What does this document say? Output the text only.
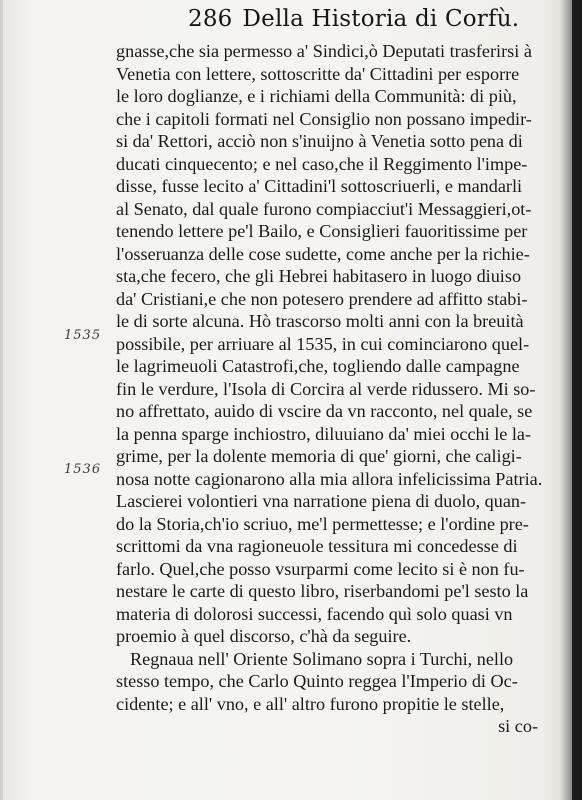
286 Della Historia di Corfù.
1535
1536
gnasse,che sia permesso a' Sindici,ò Deputati trasferirsi à
Venetia con lettere, sottoscritte da' Cittadini per esporre
le loro doglianze, e i richiami della Communità: di più,
che i capitoli formati nel Consiglio non possano impedir-
si da' Rettori, acciò non s'inuijno à Venetia sotto pena di
ducati cinquecento; e nel caso,che il Reggimento l'impe-
disse, fusse lecito a' Cittadini'l sottoscriuerli, e mandarli
al Senato, dal quale furono compiacciut'i Messaggieri,ot-
tenendo lettere pe'l Bailo, e Consiglieri fauoritissime per
l'osseruanza delle cose sudette, come anche per la richie-
sta,che fecero, che gli Hebrei habitasero in luogo diuiso
da' Cristiani,e che non potesero prendere ad affitto stabi-
le di sorte alcuna. Hò trascorso molti anni con la breuità
possibile, per arriuare al 1535, in cui cominciarono quel-
le lagrimeuoli Catastrofi,che, togliendo dalle campagne
fin le verdure, l'Isola di Corcira al verde ridussero. Mi so-
no affrettato, auido di vscire da vn racconto, nel quale, se
la penna sparge inchiostro, diluuiano da' miei occhi le la-
grime, per la dolente memoria di que' giorni, che caligi-
nosa notte cagionarono alla mia allora infelicissima Patria.
Lascierei volontieri vna narratione piena di duolo, quan-
do la Storia,ch'io scriuo, me'l permettesse; e l'ordine pre-
scrittomi da vna ragioneuole tessitura mi concedesse di
farlo. Quel,che posso vsurparmi come lecito si è non fu-
nestare le carte di questo libro, riserbandomi pe'l sesto la
materia di dolorosi successi, facendo quì solo quasi vn
proemio à quel discorso, c'hà da seguire.
Regnaua nell' Oriente Solimano sopra i Turchi, nello
stesso tempo, che Carlo Quinto reggea l'Imperio di Oc-
cidente; e all' vno, e all' altro furono propitie le stelle,
si co-
